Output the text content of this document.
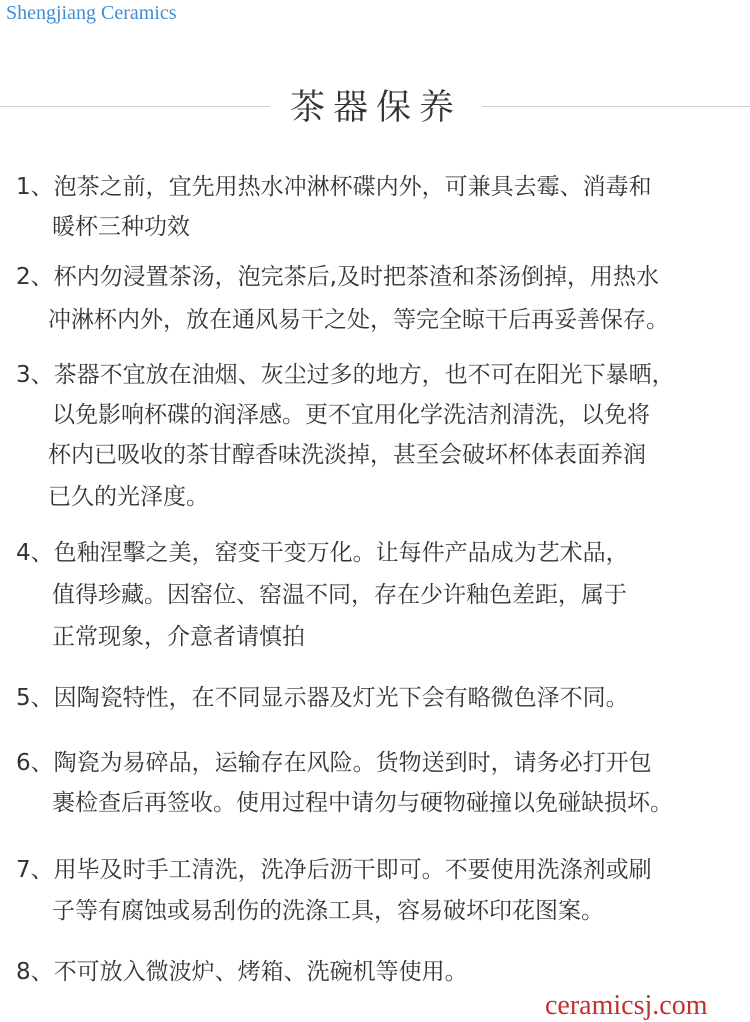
Shengjiang Ceramics
茶器保养
1、泡茶之前，宜先用热水冲淋杯碟内外，可兼具去霉、消毒和
暖杯三种功效
2、杯内勿浸置茶汤，泡完茶后,及时把茶渣和茶汤倒掉，用热水
冲淋杯内外，放在通风易干之处，等完全晾干后再妥善保存。
3、茶器不宜放在油烟、灰尘过多的地方，也不可在阳光下暴晒，
以免影响杯碟的润泽感。更不宜用化学洗洁剂清洗，以免将
杯内已吸收的茶甘醇香味洗淡掉，甚至会破坏杯体表面养润
已久的光泽度。
4、色釉涅擊之美，窑变干变万化。让每件产品成为艺术品，
值得珍藏。因窑位、窑温不同，存在少许釉色差距，属于
正常现象，介意者请慎拍
5、因陶瓷特性，在不同显示器及灯光下会有略微色泽不同。
6、陶瓷为易碎品，运输存在风险。货物送到时，请务必打开包
裹检查后再签收。使用过程中请勿与硬物碰撞以免碰缺损坏。
7、用毕及时手工清洗，洗净后沥干即可。不要使用洗涤剂或刷
子等有腐蚀或易刮伤的洗涤工具，容易破坏印花图案。
8、不可放入微波炉、烤箱、洗碗机等使用。
ceramicsj.com
